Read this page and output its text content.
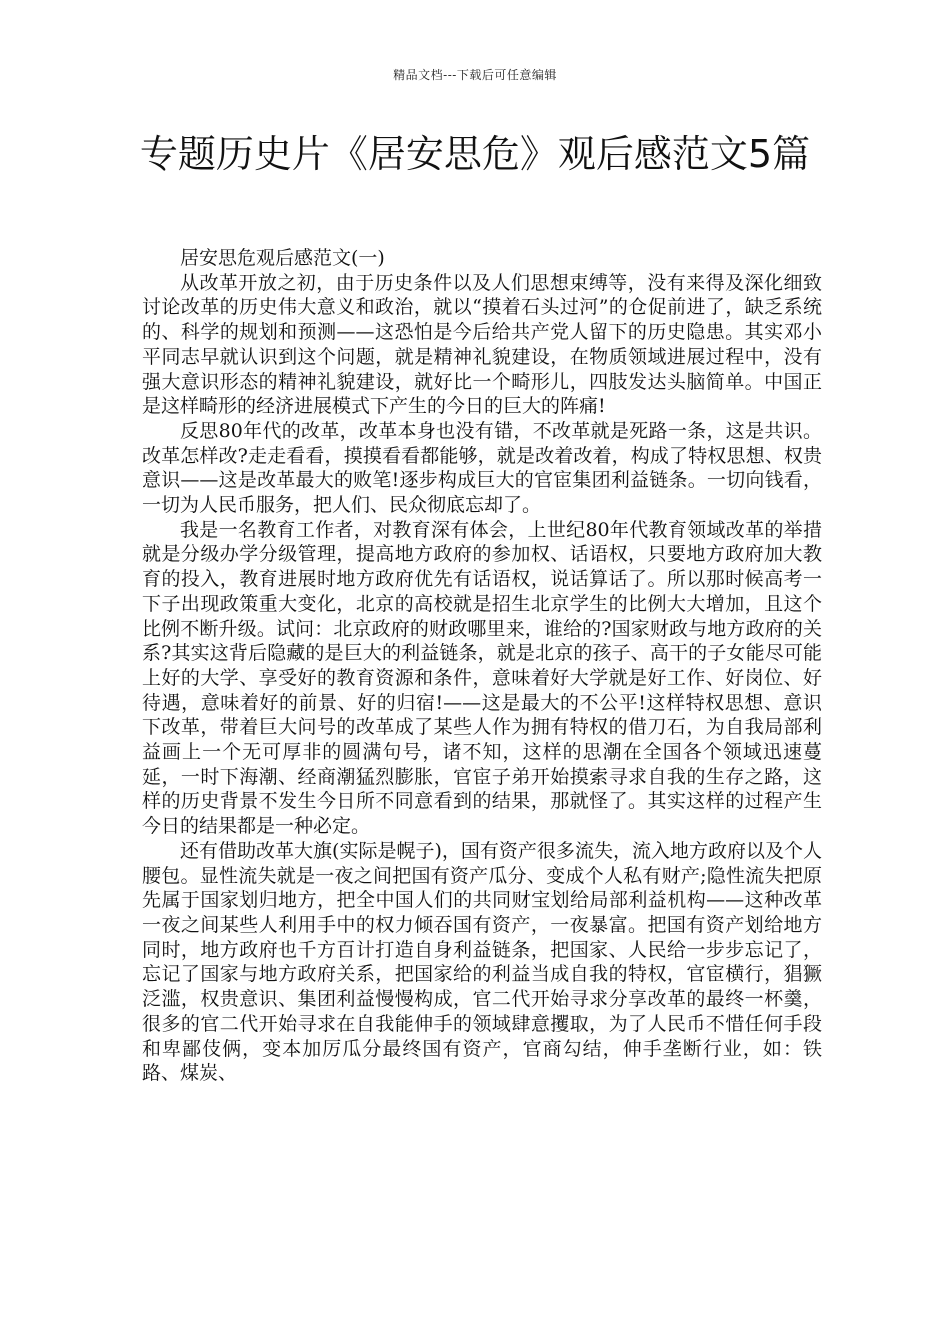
精品文档---下载后可任意编辑
专题历史片《居安思危》观后感范文5篇

居安思危观后感范文(一)

从改革开放之初，由于历史条件以及人们思想束缚等，没有来得及深化细致讨论改革的历史伟大意义和政治，就以“摸着石头过河”的仓促前进了，缺乏系统的、科学的规划和预测——这恐怕是今后给共产党人留下的历史隐患。其实邓小平同志早就认识到这个问题，就是精神礼貌建设，在物质领域进展过程中，没有强大意识形态的精神礼貌建设，就好比一个畸形儿，四肢发达头脑简单。中国正是这样畸形的经济进展模式下产生的今日的巨大的阵痛!

反思80年代的改革，改革本身也没有错，不改革就是死路一条，这是共识。改革怎样改?走走看看，摸摸看看都能够，就是改着改着，构成了特权思想、权贵意识——这是改革最大的败笔!逐步构成巨大的官宦集团利益链条。一切向钱看，一切为人民币服务，把人们、民众彻底忘却了。

我是一名教育工作者，对教育深有体会，上世纪80年代教育领域改革的举措就是分级办学分级管理，提高地方政府的参加权、话语权，只要地方政府加大教育的投入，教育进展时地方政府优先有话语权，说话算话了。所以那时候高考一下子出现政策重大变化，北京的高校就是招生北京学生的比例大大增加，且这个比例不断升级。试问：北京政府的财政哪里来，谁给的?国家财政与地方政府的关系?其实这背后隐藏的是巨大的利益链条，就是北京的孩子、高干的子女能尽可能上好的大学、享受好的教育资源和条件，意味着好大学就是好工作、好岗位、好待遇，意味着好的前景、好的归宿!——这是最大的不公平!这样特权思想、意识下改革，带着巨大问号的改革成了某些人作为拥有特权的借刀石，为自我局部利益画上一个无可厚非的圆满句号，诸不知，这样的思潮在全国各个领域迅速蔓延，一时下海潮、经商潮猛烈膨胀，官宦子弟开始摸索寻求自我的生存之路，这样的历史背景不发生今日所不同意看到的结果，那就怪了。其实这样的过程产生今日的结果都是一种必定。

还有借助改革大旗(实际是幌子)，国有资产很多流失，流入地方政府以及个人腰包。显性流失就是一夜之间把国有资产瓜分、变成个人私有财产;隐性流失把原先属于国家划归地方，把全中国人们的共同财宝划给局部利益机构——这种改革一夜之间某些人利用手中的权力倾吞国有资产，一夜暴富。把国有资产划给地方同时，地方政府也千方百计打造自身利益链条，把国家、人民给一步步忘记了，忘记了国家与地方政府关系，把国家给的利益当成自我的特权，官宦横行，猖獗泛滥，权贵意识、集团利益慢慢构成，官二代开始寻求分享改革的最终一杯羹，很多的官二代开始寻求在自我能伸手的领域肆意攫取，为了人民币不惜任何手段和卑鄙伎俩，变本加厉瓜分最终国有资产，官商勾结，伸手垄断行业，如：铁路、煤炭、
